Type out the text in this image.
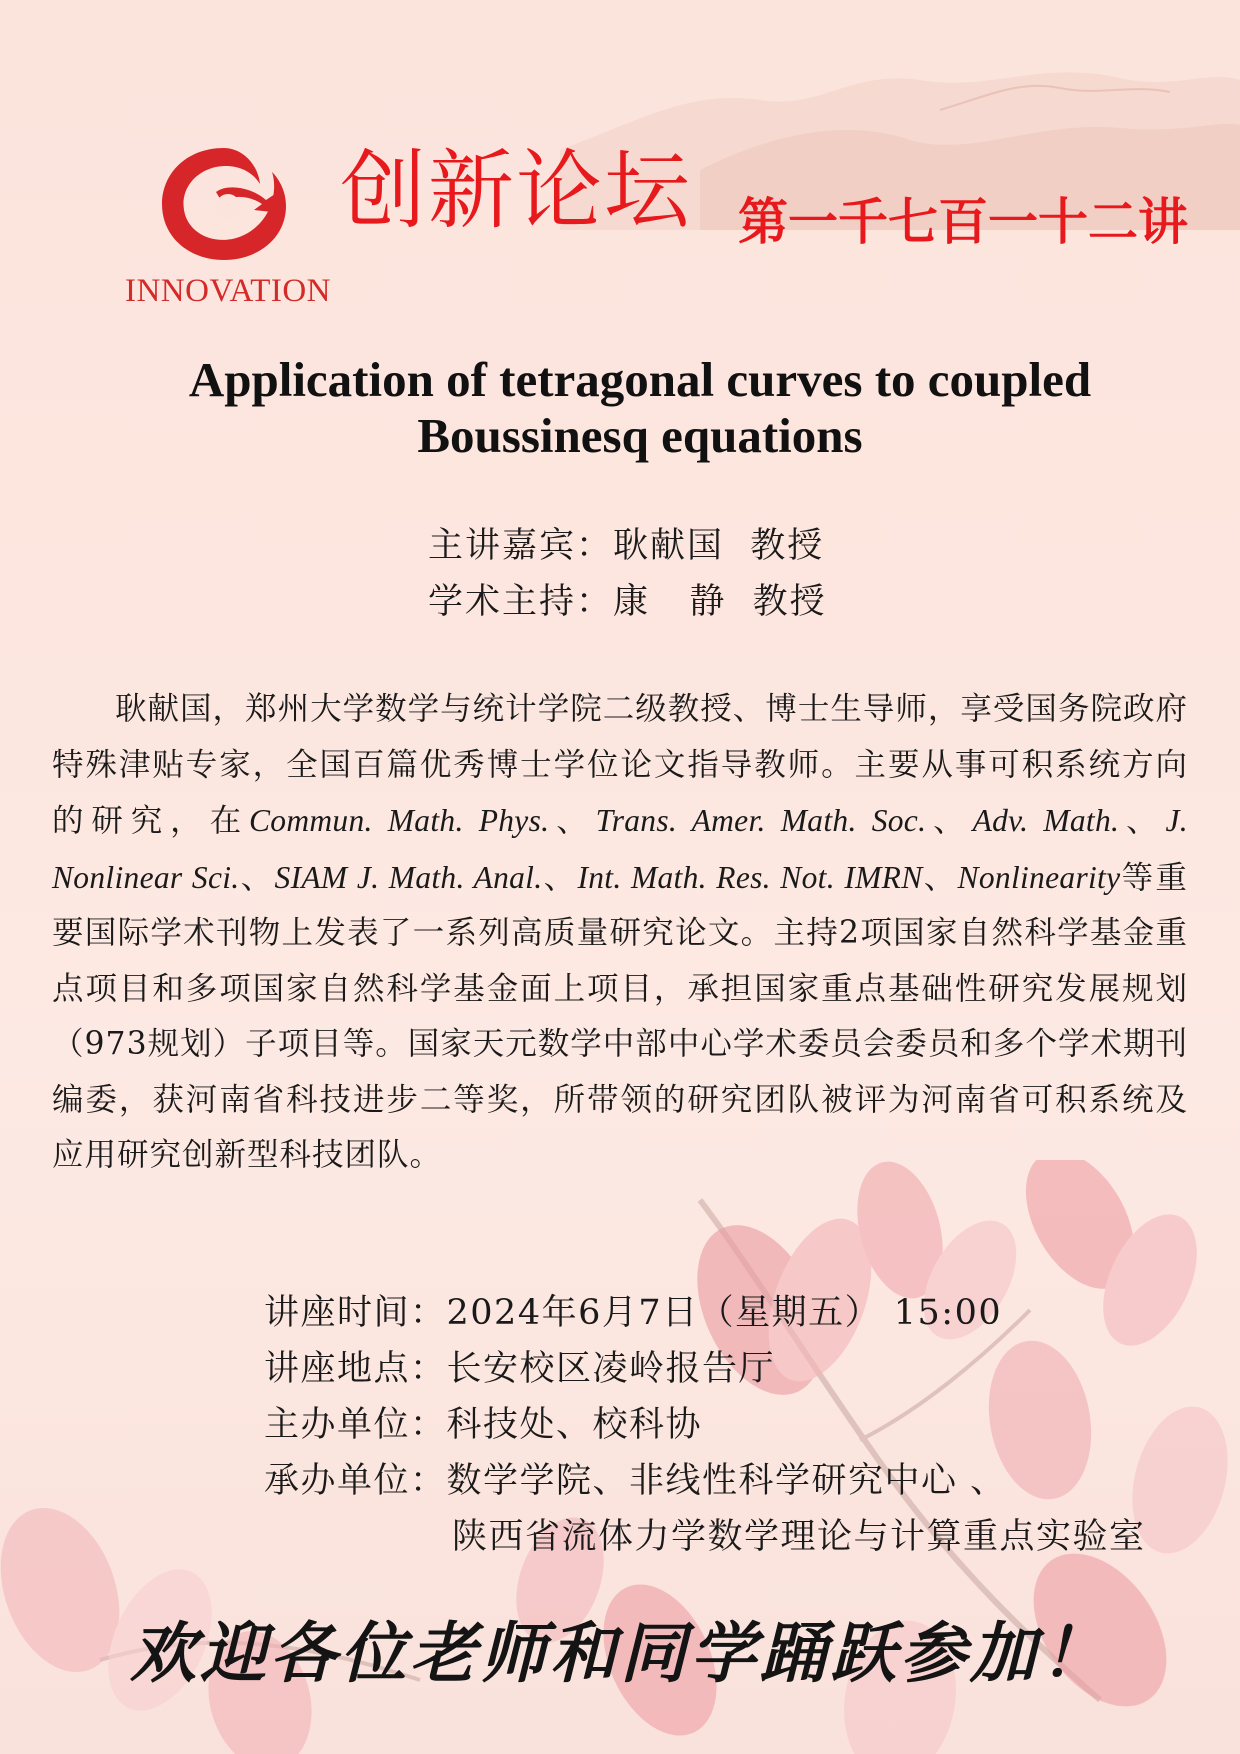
INNOVATION
创新论坛 第一千七百一十二讲
Application of tetragonal curves to coupled
Boussinesq equations
主讲嘉宾：耿献国  教授
学术主持：康   静  教授

耿献国，郑州大学数学与统计学院二级教授、博士生导师，享受国务院政府特殊津贴专家，全国百篇优秀博士学位论文指导教师。主要从事可积系统方向的研究，在Commun. Math. Phys.、Trans. Amer. Math. Soc.、Adv. Math.、J. Nonlinear Sci.、SIAM J. Math. Anal.、Int. Math. Res. Not. IMRN、Nonlinearity等重要国际学术刊物上发表了一系列高质量研究论文。主持2项国家自然科学基金重点项目和多项国家自然科学基金面上项目，承担国家重点基础性研究发展规划（973规划）子项目等。国家天元数学中部中心学术委员会委员和多个学术期刊编委，获河南省科技进步二等奖，所带领的研究团队被评为河南省可积系统及应用研究创新型科技团队。

讲座时间：2024年6月7日（星期五） 15:00
讲座地点：长安校区凌岭报告厅
主办单位：科技处、校科协
承办单位：数学学院、非线性科学研究中心 、
陕西省流体力学数学理论与计算重点实验室
欢迎各位老师和同学踊跃参加！
